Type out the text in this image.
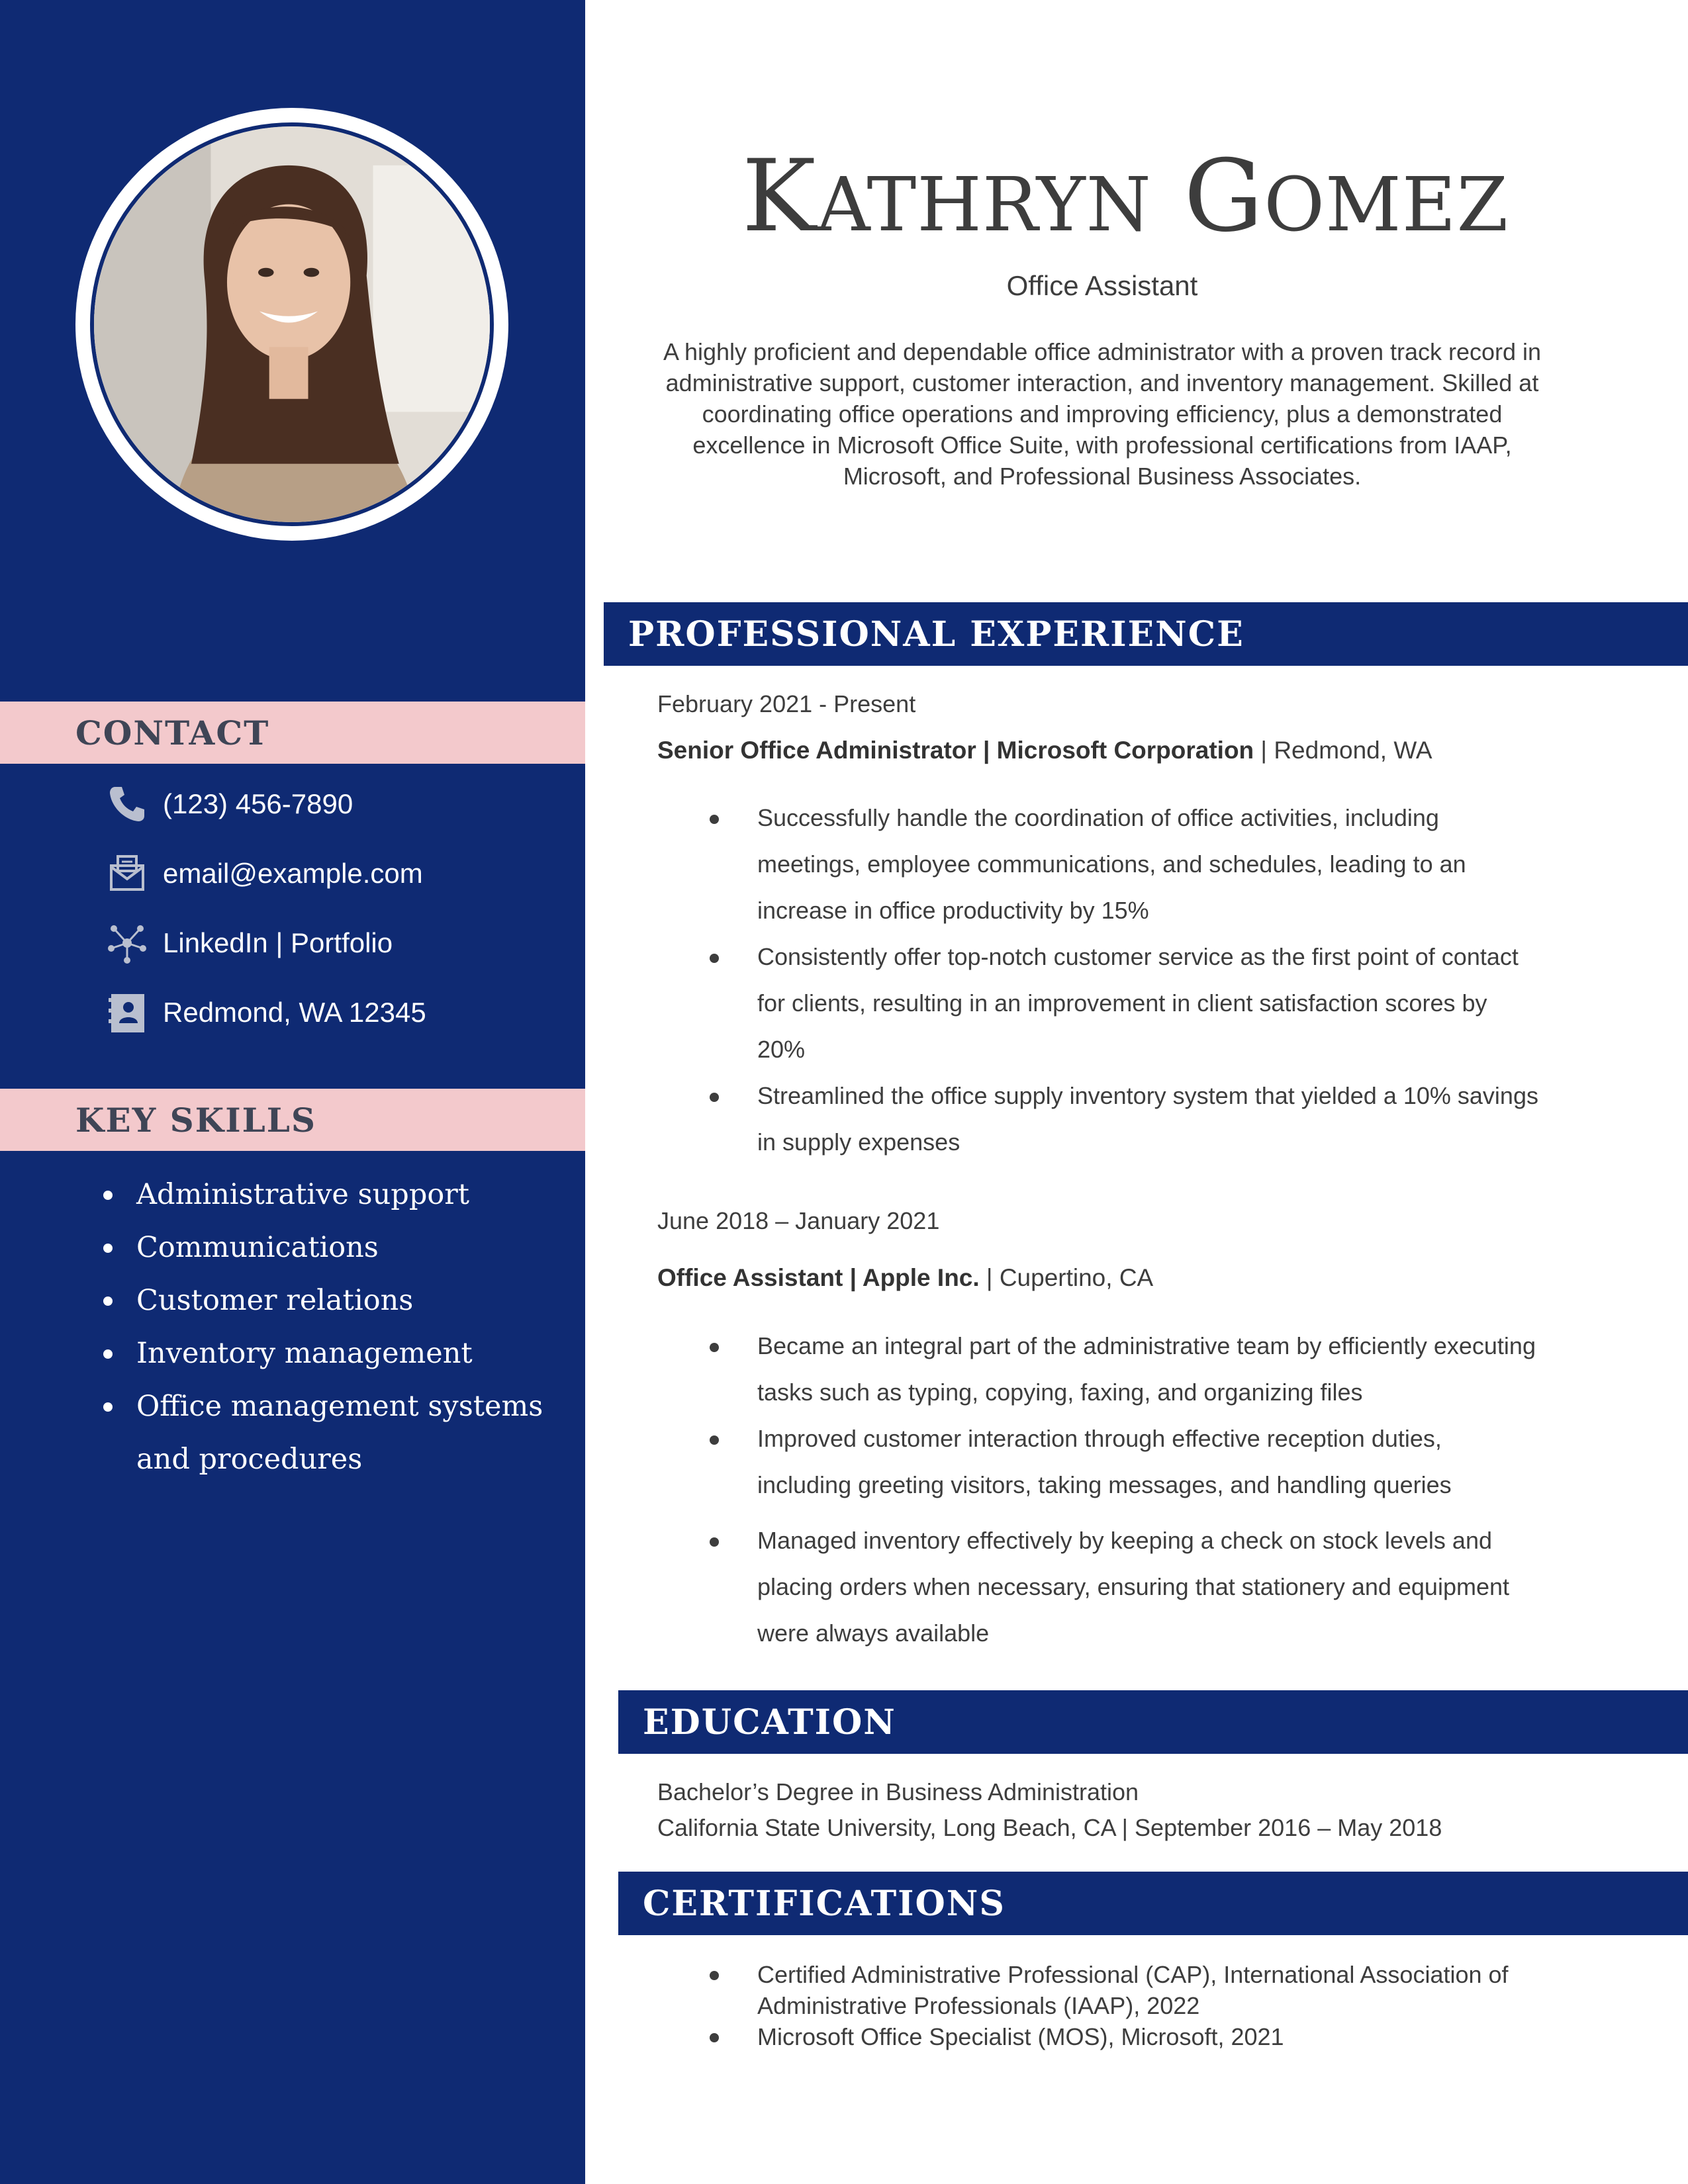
CONTACT
(123) 456-7890
email@example.com
LinkedIn | Portfolio
Redmond, WA 12345
KEY SKILLS
Administrative support
Communications
Customer relations
Inventory management
Office management systems and procedures
KATHRYN GOMEZ
Office Assistant
A highly proficient and dependable office administrator with a proven track record in administrative support, customer interaction, and inventory management. Skilled at coordinating office operations and improving efficiency, plus a demonstrated excellence in Microsoft Office Suite, with professional certifications from IAAP, Microsoft, and Professional Business Associates.
PROFESSIONAL EXPERIENCE
February 2021 - Present
Senior Office Administrator | Microsoft Corporation | Redmond, WA
Successfully handle the coordination of office activities, including meetings, employee communications, and schedules, leading to an increase in office productivity by 15%
Consistently offer top-notch customer service as the first point of contact for clients, resulting in an improvement in client satisfaction scores by 20%
Streamlined the office supply inventory system that yielded a 10% savings in supply expenses
June 2018 – January 2021
Office Assistant | Apple Inc. | Cupertino, CA
Became an integral part of the administrative team by efficiently executing tasks such as typing, copying, faxing, and organizing files
Improved customer interaction through effective reception duties, including greeting visitors, taking messages, and handling queries
Managed inventory effectively by keeping a check on stock levels and placing orders when necessary, ensuring that stationery and equipment were always available
EDUCATION
Bachelor’s Degree in Business Administration
California State University, Long Beach, CA | September 2016 – May 2018
CERTIFICATIONS
Certified Administrative Professional (CAP), International Association of Administrative Professionals (IAAP), 2022
Microsoft Office Specialist (MOS), Microsoft, 2021
